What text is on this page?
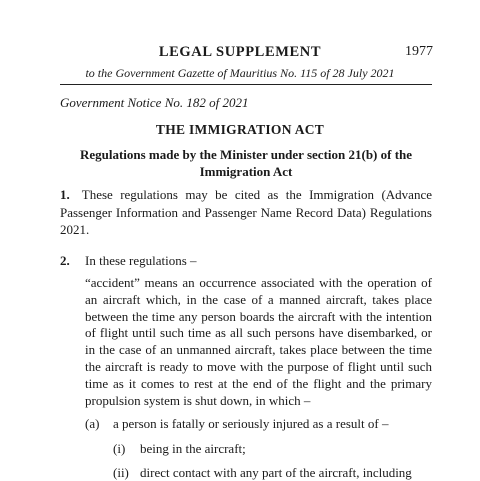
LEGAL SUPPLEMENT	1977
to the Government Gazette of Mauritius No. 115 of 28 July 2021
Government Notice No. 182 of 2021
THE IMMIGRATION ACT
Regulations made by the Minister under section 21(b) of the Immigration Act
1. These regulations may be cited as the Immigration (Advance Passenger Information and Passenger Name Record Data) Regulations 2021.
2. In these regulations –
“accident” means an occurrence associated with the operation of an aircraft which, in the case of a manned aircraft, takes place between the time any person boards the aircraft with the intention of flight until such time as all such persons have disembarked, or in the case of an unmanned aircraft, takes place between the time the aircraft is ready to move with the purpose of flight until such time as it comes to rest at the end of the flight and the primary propulsion system is shut down, in which –
(a) a person is fatally or seriously injured as a result of –
(i) being in the aircraft;
(ii) direct contact with any part of the aircraft, including
